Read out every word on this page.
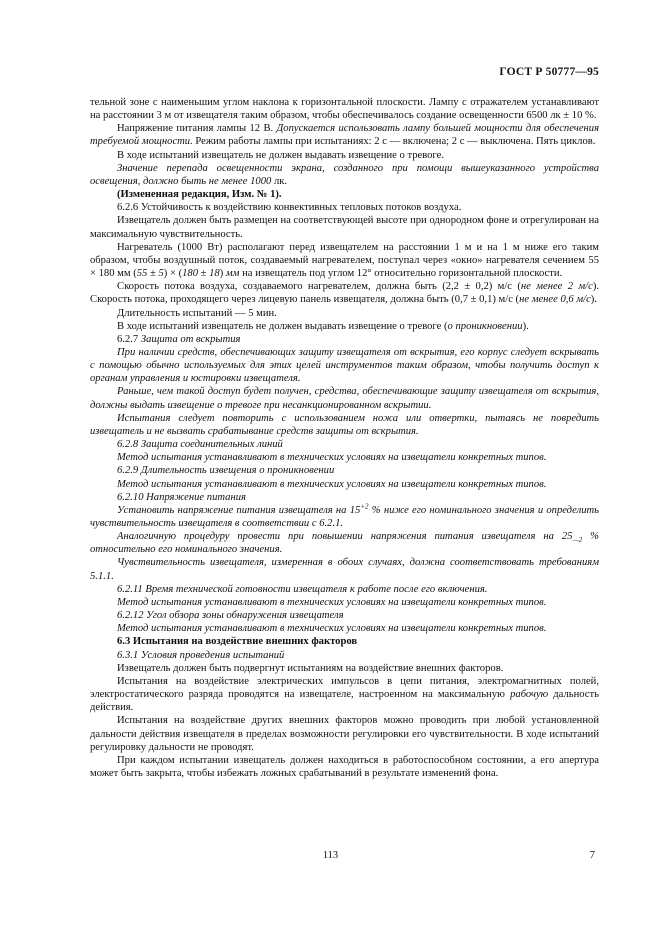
ГОСТ Р 50777—95

тельной зоне с наименьшим углом наклона к горизонтальной плоскости. Лампу с отражателем устанавливают на расстоянии 3 м от извещателя таким образом, чтобы обеспечивалось создание освещенности 6500 лк ± 10 %.

Напряжение питания лампы 12 В. Допускается использовать лампу большей мощности для обеспечения требуемой мощности. Режим работы лампы при испытаниях: 2 с — включена; 2 с — выключена. Пять циклов.

В ходе испытаний извещатель не должен выдавать извещение о тревоге.

Значение перепада освещенности экрана, созданного при помощи вышеуказанного устройства освещения, должно быть не менее 1000 лк.

(Измененная редакция, Изм. № 1).

6.2.6 Устойчивость к воздействию конвективных тепловых потоков воздуха.

Извещатель должен быть размещен на соответствующей высоте при однородном фоне и отрегулирован на максимальную чувствительность.

Нагреватель (1000 Вт) располагают перед извещателем на расстоянии 1 м и на 1 м ниже его таким образом, чтобы воздушный поток, создаваемый нагревателем, поступал через «окно» нагревателя сечением 55 × 180 мм (55 ± 5) × (180 ± 18) мм на извещатель под углом 12° относительно горизонтальной плоскости.

Скорость потока воздуха, создаваемого нагревателем, должна быть (2,2 ± 0,2) м/с (не менее 2 м/с). Скорость потока, проходящего через лицевую панель извещателя, должна быть (0,7 ± 0,1) м/с (не менее 0,6 м/с).

Длительность испытаний — 5 мин.

В ходе испытаний извещатель не должен выдавать извещение о тревоге (о проникновении).

6.2.7 Защита от вскрытия

При наличии средств, обеспечивающих защиту извещателя от вскрытия, его корпус следует вскрывать с помощью обычно используемых для этих целей инструментов таким образом, чтобы получить доступ к органам управления и юстировки извещателя.

Раньше, чем такой доступ будет получен, средства, обеспечивающие защиту извещателя от вскрытия, должны выдать извещение о тревоге при несанкционированном вскрытии.

Испытания следует повторить с использованием ножа или отвертки, пытаясь не повредить извещатель и не вызвать срабатывание средств защиты от вскрытия.

6.2.8 Защита соединительных линий

Метод испытания устанавливают в технических условиях на извещатели конкретных типов.

6.2.9 Длительность извещения о проникновении

Метод испытания устанавливают в технических условиях на извещатели конкретных типов.

6.2.10 Напряжение питания

Установить напряжение питания извещателя на $15^{+2}$ % ниже его номинального значения и определить чувствительность извещателя в соответствии с 6.2.1.

Аналогичную процедуру провести при повышении напряжения питания извещателя на $25_{—2}$ % относительно его номинального значения.

Чувствительность извещателя, измеренная в обоих случаях, должна соответствовать требованиям 5.1.1.

6.2.11 Время технической готовности извещателя к работе после его включения.

Метод испытания устанавливают в технических условиях на извещатели конкретных типов.

6.2.12 Угол обзора зоны обнаружения извещателя

Метод испытания устанавливают в технических условиях на извещатели конкретных типов.

6.3 Испытания на воздействие внешних факторов

6.3.1 Условия проведения испытаний

Извещатель должен быть подвергнут испытаниям на воздействие внешних факторов.

Испытания на воздействие электрических импульсов в цепи питания, электромагнитных полей, электростатического разряда проводятся на извещателе, настроенном на максимальную рабочую дальность действия.

Испытания на воздействие других внешних факторов можно проводить при любой установленной дальности действия извещателя в пределах возможности регулировки его чувствительности. В ходе испытаний регулировку дальности не проводят.

При каждом испытании извещатель должен находиться в работоспособном состоянии, а его апертура может быть закрыта, чтобы избежать ложных срабатываний в результате изменений фона.

113	7
